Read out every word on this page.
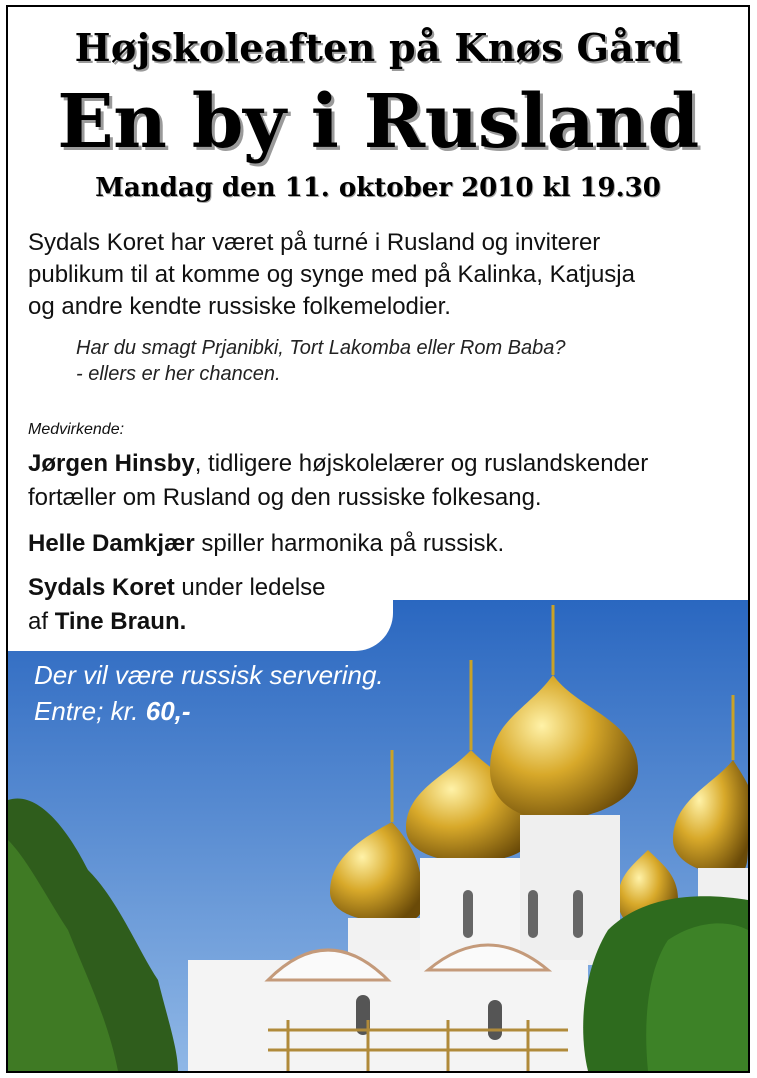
Højskoleaften på Knøs Gård
En by i Rusland
Mandag den 11. oktober 2010 kl 19.30
Sydals Koret har været på turné i Rusland og inviterer
publikum til at komme og synge med på Kalinka, Katjusja
og andre kendte russiske folkemelodier.
Har du smagt Prjanibki, Tort Lakomba eller Rom Baba?
- ellers er her chancen.
Medvirkende:
Jørgen Hinsby, tidligere højskolelærer og ruslandskender
fortæller om Rusland og den russiske folkesang.
Helle Damkjær spiller harmonika på russisk.
Sydals Koret under ledelse
af Tine Braun.
Der vil være russisk servering.
Entre; kr. 60,-
